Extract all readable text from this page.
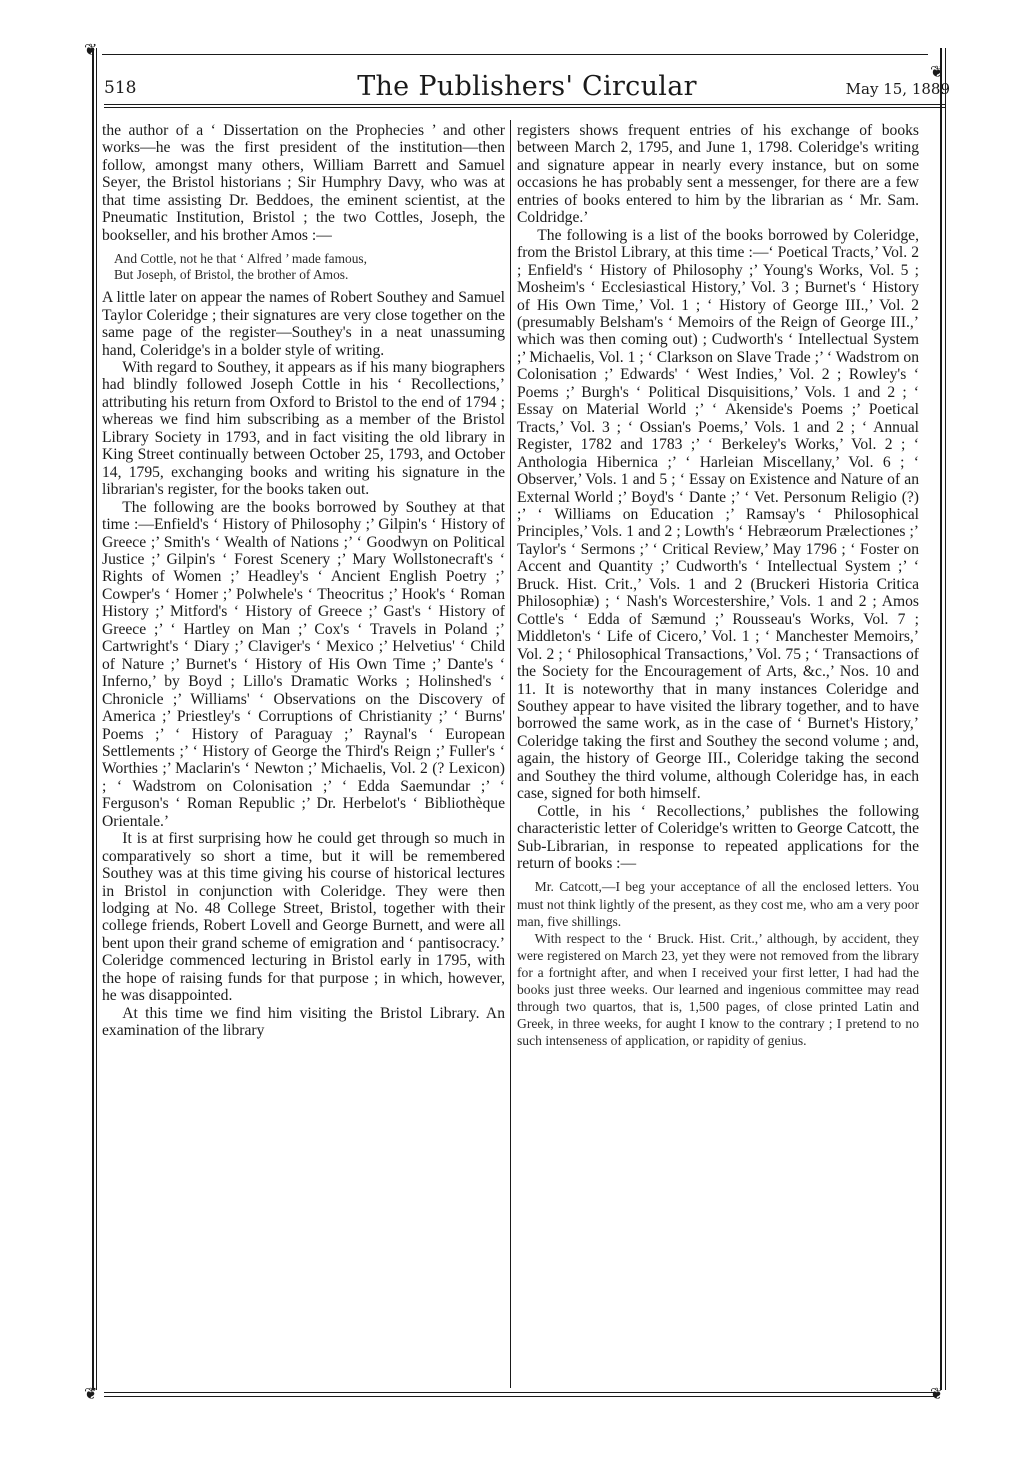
❦
❦
❦	❦
518	The Publishers' Circular	May 15, 1889

the author of a ‘ Dissertation on the Prophecies ’ and other works—he was the first president of the institution—then follow, amongst many others, William Barrett and Samuel Seyer, the Bristol historians ; Sir Humphry Davy, who was at that time assisting Dr. Beddoes, the eminent scientist, at the Pneumatic Institution, Bristol ; the two Cottles, Joseph, the bookseller, and his brother Amos :—

And Cottle, not he that ‘ Alfred ’ made famous,
But Joseph, of Bristol, the brother of Amos.

A little later on appear the names of Robert Southey and Samuel Taylor Coleridge ; their signatures are very close together on the same page of the register—Southey's in a neat unassuming hand, Coleridge's in a bolder style of writing.

With regard to Southey, it appears as if his many biographers had blindly followed Joseph Cottle in his ‘ Recollections,’ attributing his return from Oxford to Bristol to the end of 1794 ; whereas we find him subscribing as a member of the Bristol Library Society in 1793, and in fact visiting the old library in King Street continually between October 25, 1793, and October 14, 1795, exchanging books and writing his signature in the librarian's register, for the books taken out.

The following are the books borrowed by Southey at that time :—Enfield's ‘ History of Philosophy ;’ Gilpin's ‘ History of Greece ;’ Smith's ‘ Wealth of Nations ;’ ‘ Goodwyn on Political Justice ;’ Gilpin's ‘ Forest Scenery ;’ Mary Wollstonecraft's ‘ Rights of Women ;’ Headley's ‘ Ancient English Poetry ;’ Cowper's ‘ Homer ;’ Polwhele's ‘ Theocritus ;’ Hook's ‘ Roman History ;’ Mitford's ‘ History of Greece ;’ Gast's ‘ History of Greece ;’ ‘ Hartley on Man ;’ Cox's ‘ Travels in Poland ;’ Cartwright's ‘ Diary ;’ Claviger's ‘ Mexico ;’ Helvetius' ‘ Child of Nature ;’ Burnet's ‘ History of His Own Time ;’ Dante's ‘ Inferno,’ by Boyd ; Lillo's Dramatic Works ; Holinshed's ‘ Chronicle ;’ Williams' ‘ Observations on the Discovery of America ;’ Priestley's ‘ Corruptions of Christianity ;’ ‘ Burns' Poems ;’ ‘ History of Paraguay ;’ Raynal's ‘ European Settlements ;’ ‘ History of George the Third's Reign ;’ Fuller's ‘ Worthies ;’ Maclarin's ‘ Newton ;’ Michaelis, Vol. 2 (? Lexicon) ; ‘ Wadstrom on Colonisation ;’ ‘ Edda Saemundar ;’ ‘ Ferguson's ‘ Roman Republic ;’ Dr. Herbelot's ‘ Bibliothèque Orientale.’

It is at first surprising how he could get through so much in comparatively so short a time, but it will be remembered Southey was at this time giving his course of historical lectures in Bristol in conjunction with Coleridge. They were then lodging at No. 48 College Street, Bristol, together with their college friends, Robert Lovell and George Burnett, and were all bent upon their grand scheme of emigration and ‘ pantisocracy.’ Coleridge commenced lecturing in Bristol early in 1795, with the hope of raising funds for that purpose ; in which, however, he was disappointed.

At this time we find him visiting the Bristol Library. An examination of the library

registers shows frequent entries of his exchange of books between March 2, 1795, and June 1, 1798. Coleridge's writing and signature appear in nearly every instance, but on some occasions he has probably sent a messenger, for there are a few entries of books entered to him by the librarian as ‘ Mr. Sam. Coldridge.’

The following is a list of the books borrowed by Coleridge, from the Bristol Library, at this time :—‘ Poetical Tracts,’ Vol. 2 ; Enfield's ‘ History of Philosophy ;’ Young's Works, Vol. 5 ; Mosheim's ‘ Ecclesiastical History,’ Vol. 3 ; Burnet's ‘ History of His Own Time,’ Vol. 1 ; ‘ History of George III.,’ Vol. 2 (presumably Belsham's ‘ Memoirs of the Reign of George III.,’ which was then coming out) ; Cudworth's ‘ Intellectual System ;’ Michaelis, Vol. 1 ; ‘ Clarkson on Slave Trade ;’ ‘ Wadstrom on Colonisation ;’ Edwards' ‘ West Indies,’ Vol. 2 ; Rowley's ‘ Poems ;’ Burgh's ‘ Political Disquisitions,’ Vols. 1 and 2 ; ‘ Essay on Material World ;’ ‘ Akenside's Poems ;’ Poetical Tracts,’ Vol. 3 ; ‘ Ossian's Poems,’ Vols. 1 and 2 ; ‘ Annual Register, 1782 and 1783 ;’ ‘ Berkeley's Works,’ Vol. 2 ; ‘ Anthologia Hibernica ;’ ‘ Harleian Miscellany,’ Vol. 6 ; ‘ Observer,’ Vols. 1 and 5 ; ‘ Essay on Existence and Nature of an External World ;’ Boyd's ‘ Dante ;’ ‘ Vet. Personum Religio (?) ;’ ‘ Williams on Education ;’ Ramsay's ‘ Philosophical Principles,’ Vols. 1 and 2 ; Lowth's ‘ Hebræorum Prælectiones ;’ Taylor's ‘ Sermons ;’ ‘ Critical Review,’ May 1796 ; ‘ Foster on Accent and Quantity ;’ Cudworth's ‘ Intellectual System ;’ ‘ Bruck. Hist. Crit.,’ Vols. 1 and 2 (Bruckeri Historia Critica Philosophiæ) ; ‘ Nash's Worcestershire,’ Vols. 1 and 2 ; Amos Cottle's ‘ Edda of Sæmund ;’ Rousseau's Works, Vol. 7 ; Middleton's ‘ Life of Cicero,’ Vol. 1 ; ‘ Manchester Memoirs,’ Vol. 2 ; ‘ Philosophical Transactions,’ Vol. 75 ; ‘ Transactions of the Society for the Encouragement of Arts, &c.,’ Nos. 10 and 11. It is noteworthy that in many instances Coleridge and Southey appear to have visited the library together, and to have borrowed the same work, as in the case of ‘ Burnet's History,’ Coleridge taking the first and Southey the second volume ; and, again, the history of George III., Coleridge taking the second and Southey the third volume, although Coleridge has, in each case, signed for both himself.

Cottle, in his ‘ Recollections,’ publishes the following characteristic letter of Coleridge's written to George Catcott, the Sub-Librarian, in response to repeated applications for the return of books :—

Mr. Catcott,—I beg your acceptance of all the enclosed letters. You must not think lightly of the present, as they cost me, who am a very poor man, five shillings.

With respect to the ‘ Bruck. Hist. Crit.,’ although, by accident, they were registered on March 23, yet they were not removed from the library for a fortnight after, and when I received your first letter, I had had the books just three weeks. Our learned and ingenious committee may read through two quartos, that is, 1,500 pages, of close printed Latin and Greek, in three weeks, for aught I know to the contrary ; I pretend to no such intenseness of application, or rapidity of genius.
